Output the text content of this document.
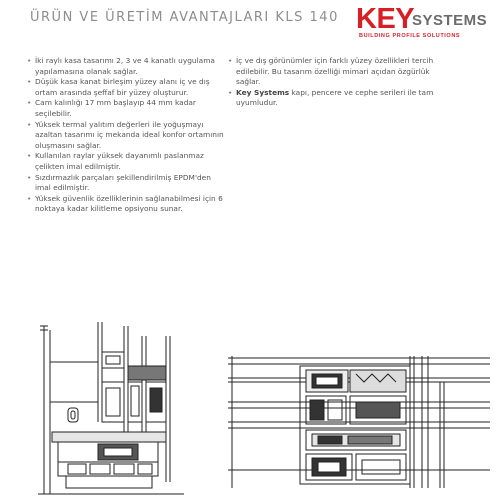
ÜRÜN VE ÜRETİM AVANTAJLARI KLS 140 KEY
SYSTEMS
BUILDING PROFILE SOLUTIONS
• İki raylı kasa tasarımı 2, 3 ve 4 kanatlı uygulama yapılamasına olanak sağlar.
• Düşük kasa kanat birleşim yüzey alanı iç ve dış ortam arasında şeffaf bir yüzey oluşturur.
• Cam kalınlığı 17 mm başlayıp 44 mm kadar seçilebilir.
• Yüksek termal yalıtım değerleri ile yoğuşmayı azaltan tasarımı iç mekanda ideal konfor ortamının oluşmasını sağlar.
• Kullanılan raylar yüksek dayanımlı paslanmaz çelikten imal edilmiştir.
• Sızdırmazlık parçaları şekillendirilmiş EPDM'den imal edilmiştir.
• Yüksek güvenlik özelliklerinin sağlanabilmesi için 6 noktaya kadar kilitleme opsiyonu sunar.
• İç ve dış görünümler için farklı yüzey özellikleri tercih edilebilir. Bu tasarım özelliği mimari açıdan özgürlük sağlar.
• Key Systems kapı, pencere ve cephe serileri ile tam uyumludur.
